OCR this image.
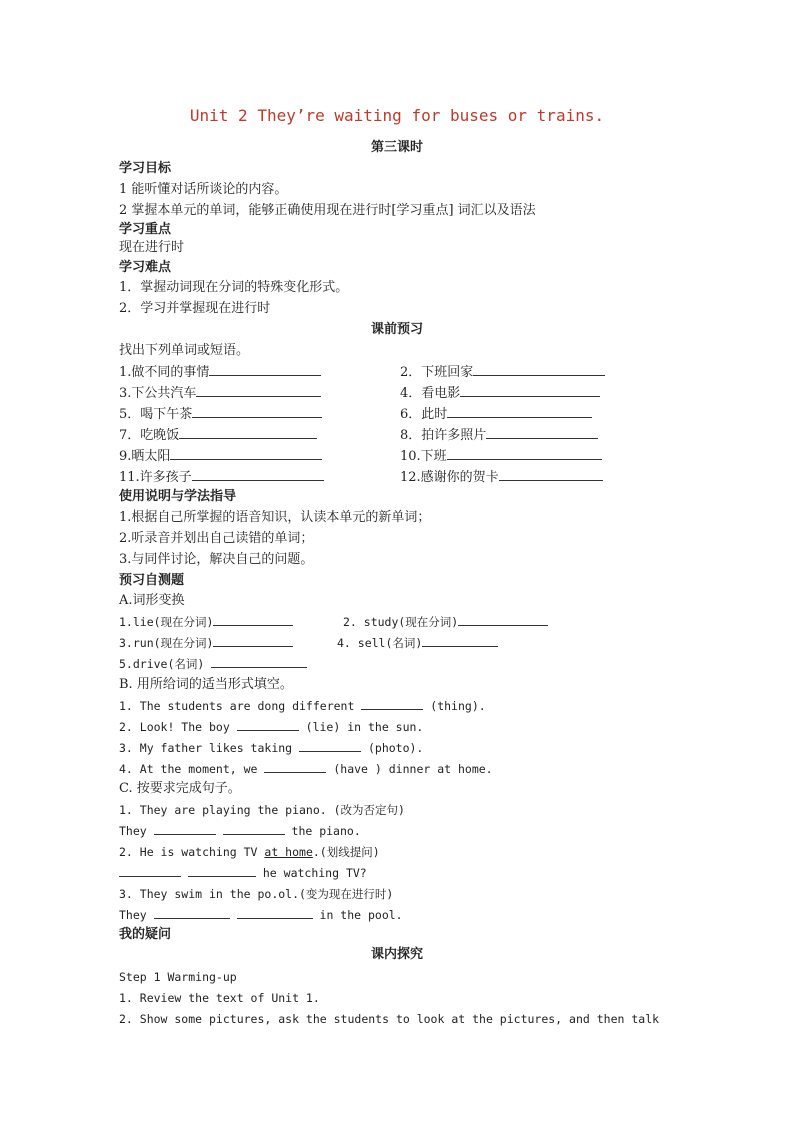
Unit 2 They’re waiting for buses or trains.
第三课时
学习目标
1 能听懂对话所谈论的内容。
2 掌握本单元的单词，能够正确使用现在进行时[学习重点] 词汇以及语法
学习重点
现在进行时
学习难点
1．掌握动词现在分词的特殊变化形式。
2．学习并掌握现在进行时
课前预习
找出下列单词或短语。
1.做不同的事情	2．下班回家
3.下公共汽车	4．看电影
5．喝下午茶	6．此时
7．吃晚饭	8．拍许多照片
9.晒太阳	10.下班
11.许多孩子	12.感谢你的贺卡
使用说明与学法指导
1.根据自己所掌握的语音知识，认读本单元的新单词；
2.听录音并划出自己读错的单词；
3.与同伴讨论，解决自己的问题。
预习自测题
A.词形变换
1.lie(现在分词)	2. study(现在分词)
3.run(现在分词)	4. sell(名词)
5.drive(名词)
B. 用所给词的适当形式填空。
1. The students are dong different	(thing).
2. Look! The boy	(lie) in the sun.
3. My father likes taking	(photo).
4. At the moment, we	(have ) dinner at home.
C. 按要求完成句子。
1. They are playing the piano. (改为否定句)
They	the piano.
2. He is watching TV at home.(划线提问)
he watching TV?
3. They swim in the po.ol.(变为现在进行时)
They	in the pool.
我的疑问
课内探究
Step 1 Warming-up
1. Review the text of Unit 1.
2. Show some pictures, ask the students to look at the pictures, and then talk
